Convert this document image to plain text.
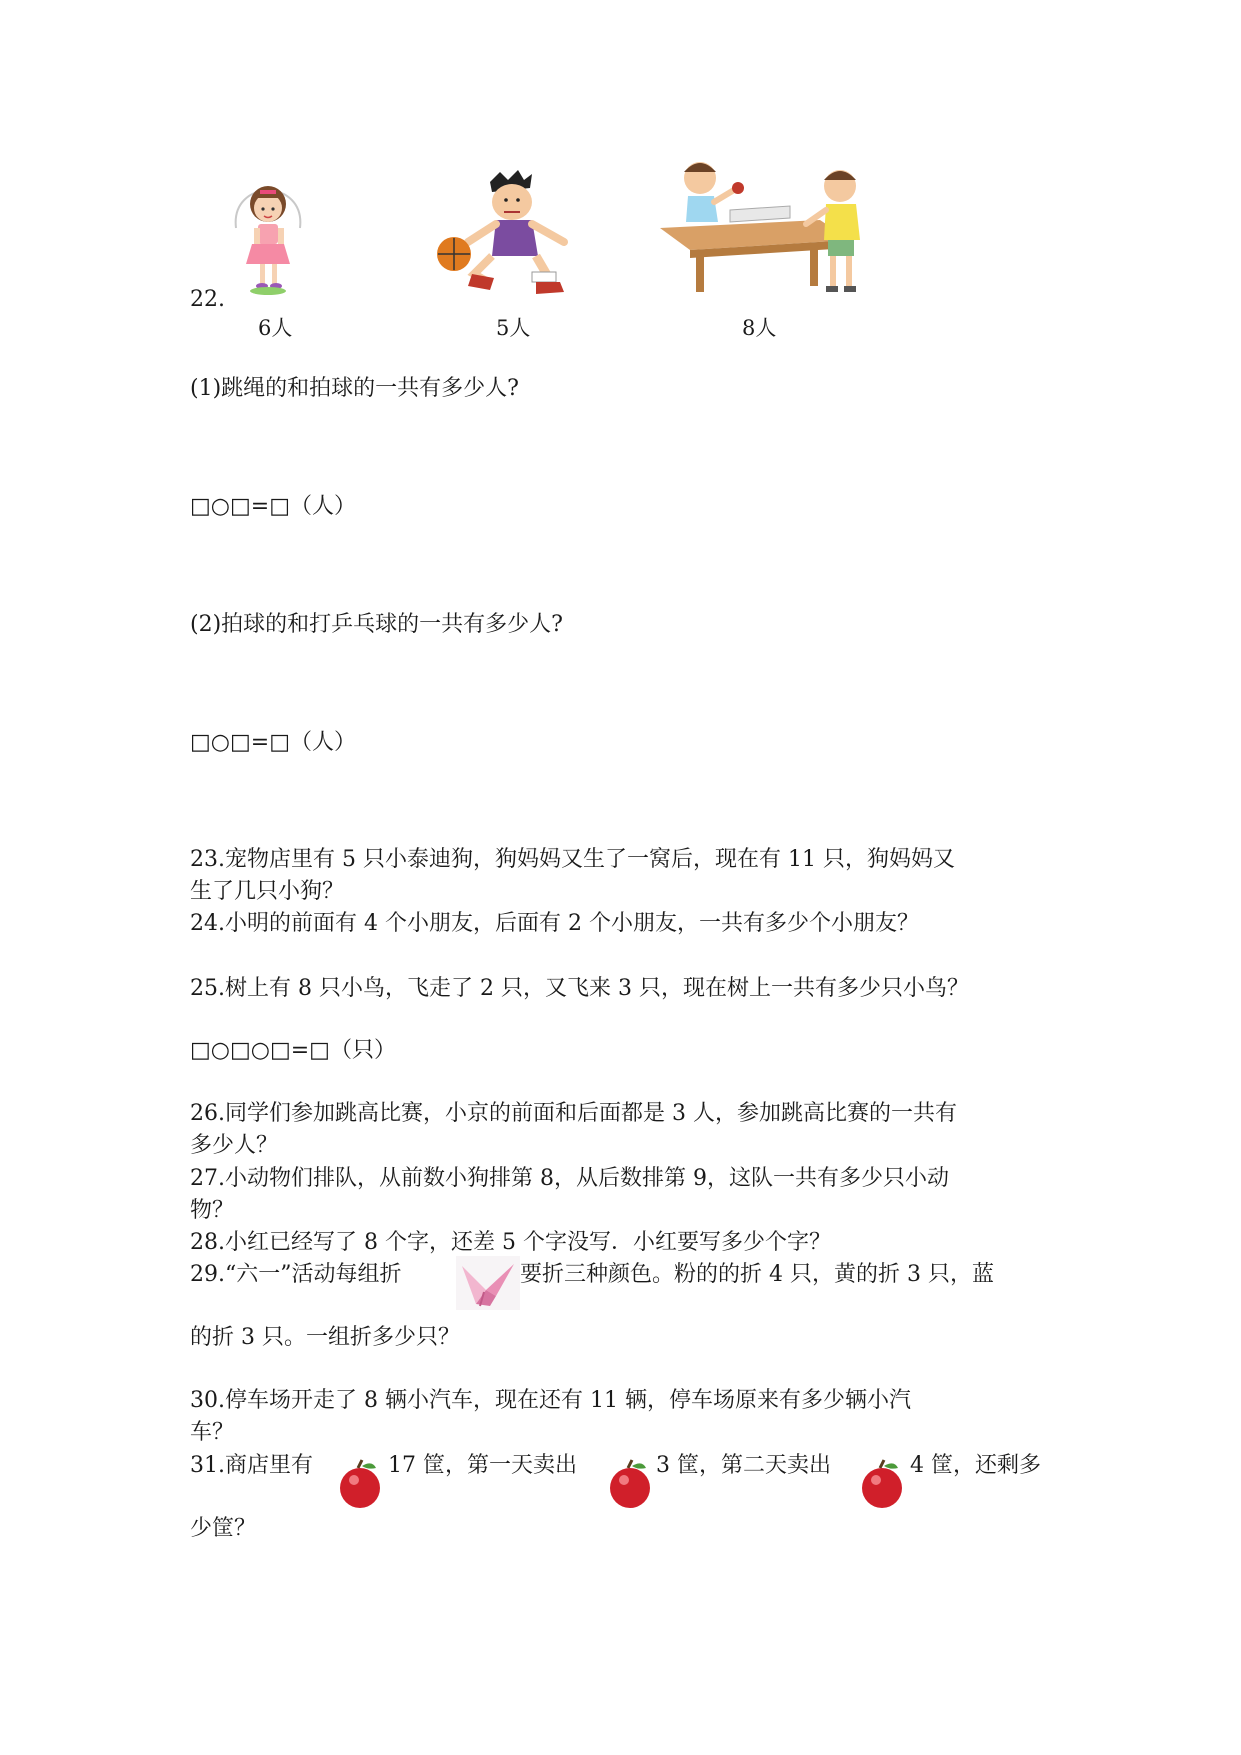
22.
6人	5人	8人
(1)跳绳的和拍球的一共有多少人?
□○□=□（人）
(2)拍球的和打乒乓球的一共有多少人?
□○□=□（人）
23.宠物店里有 5 只小泰迪狗，狗妈妈又生了一窝后，现在有 11 只，狗妈妈又
生了几只小狗？
24.小明的前面有 4 个小朋友，后面有 2 个小朋友，一共有多少个小朋友？
25.树上有 8 只小鸟，飞走了 2 只，又飞来 3 只，现在树上一共有多少只小鸟？
□○□○□=□（只）
26.同学们参加跳高比赛，小京的前面和后面都是 3 人，参加跳高比赛的一共有
多少人？
27.小动物们排队，从前数小狗排第 8，从后数排第 9，这队一共有多少只小动
物？
28.小红已经写了 8 个字，还差 5 个字没写．小红要写多少个字？
29.“六一”活动每组折	要折三种颜色。粉的的折 4 只，黄的折 3 只，蓝
的折 3 只。一组折多少只？
30.停车场开走了 8 辆小汽车，现在还有 11 辆，停车场原来有多少辆小汽
车？
31.商店里有	17 筐，第一天卖出	3 筐，第二天卖出	4 筐，还剩多
少筐？
